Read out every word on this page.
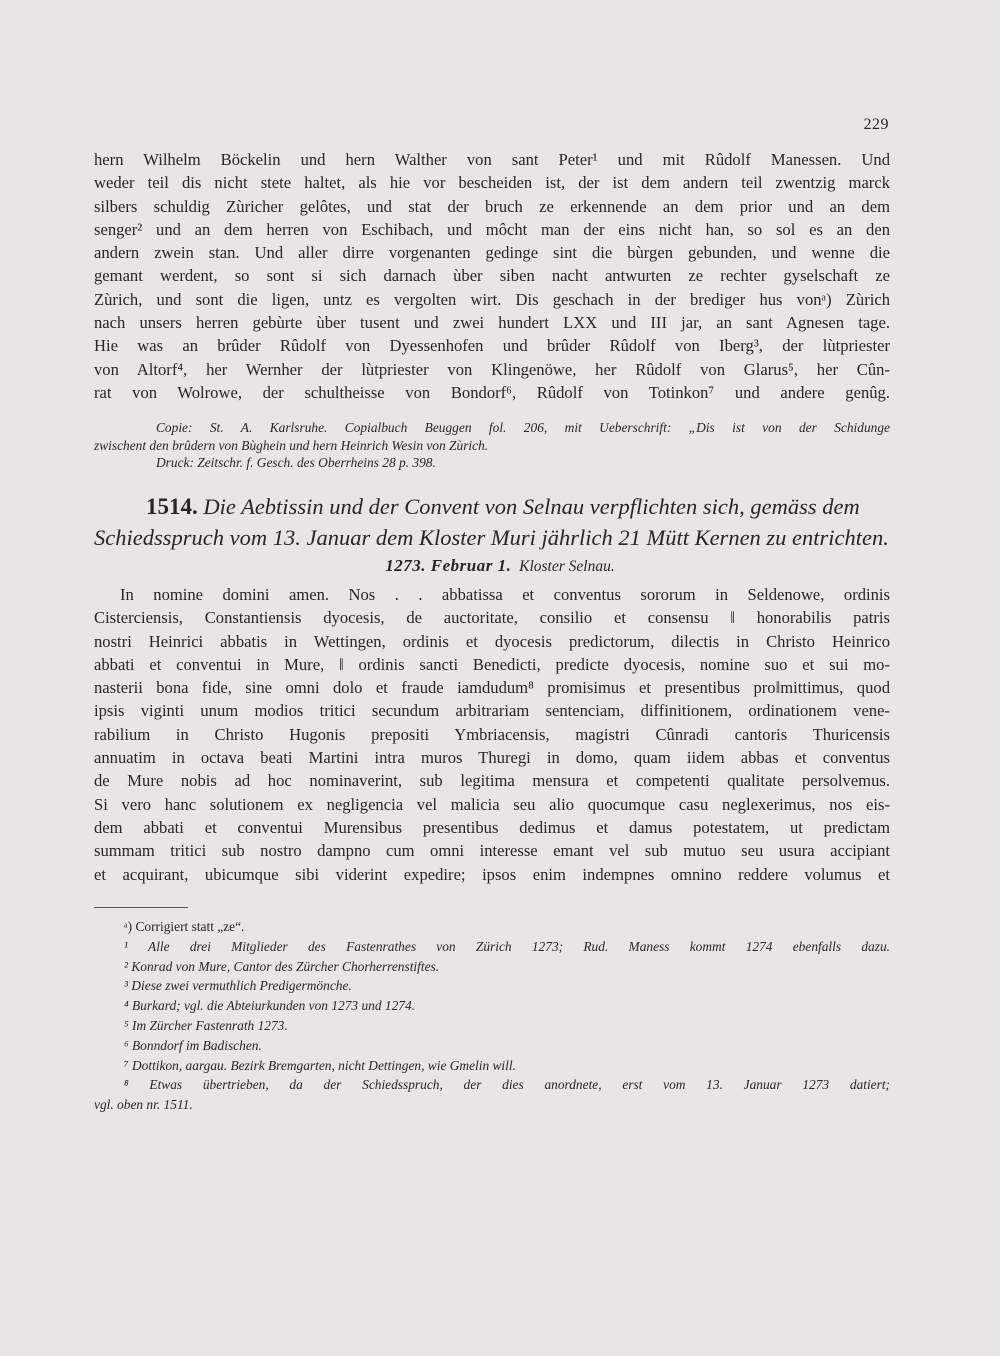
229
hern Wilhelm Böckelin und hern Walther von sant Peter¹ und mit Rûdolf Manessen. Und
weder teil dis nicht stete haltet, als hie vor bescheiden ist, der ist dem andern teil zwentzig marck
silbers schuldig Zùricher gelôtes, und stat der bruch ze erkennende an dem prior und an dem
senger² und an dem herren von Eschibach, und môcht man der eins nicht han, so sol es an den
andern zwein stan. Und aller dirre vorgenanten gedinge sint die bùrgen gebunden, und wenne die
gemant werdent, so sont si sich darnach ùber siben nacht antwurten ze rechter gyselschaft ze
Zùrich, und sont die ligen, untz es vergolten wirt. Dis geschach in der brediger hus vonᵃ) Zùrich
nach unsers herren gebùrte ùber tusent und zwei hundert LXX und III jar, an sant Agnesen tage.
Hie was an brûder Rûdolf von Dyessenhofen und brûder Rûdolf von Iberg³, der lùtpriester
von Altorf⁴, her Wernher der lùtpriester von Klingenöwe, her Rûdolf von Glarus⁵, her Cûn-
rat von Wolrowe, der schultheisse von Bondorf⁶, Rûdolf von Totinkon⁷ und andere genûg.
Copie: St. A. Karlsruhe. Copialbuch Beuggen fol. 206, mit Ueberschrift: „Dis ist von der Schidunge
zwischent den brûdern von Bùghein und hern Heinrich Wesin von Zùrich.
Druck: Zeitschr. f. Gesch. des Oberrheins 28 p. 398.
1514. Die Aebtissin und der Convent von Selnau verpflichten sich, gemäss dem
Schiedsspruch vom 13. Januar dem Kloster Muri jährlich 21 Mütt Kernen zu entrichten.
1273. Februar 1. Kloster Selnau.
In nomine domini amen. Nos . . abbatissa et conventus sororum in Seldenowe, ordinis
Cisterciensis, Constantiensis dyocesis, de auctoritate, consilio et consensu ‖ honorabilis patris
nostri Heinrici abbatis in Wettingen, ordinis et dyocesis predictorum, dilectis in Christo Heinrico
abbati et conventui in Mure, ‖ ordinis sancti Benedicti, predicte dyocesis, nomine suo et sui mo-
nasterii bona fide, sine omni dolo et fraude iamdudum⁸ promisimus et presentibus pro‖mittimus, quod
ipsis viginti unum modios tritici secundum arbitrariam sentenciam, diffinitionem, ordinationem vene-
rabilium in Christo Hugonis prepositi Ymbriacensis, magistri Cûnradi cantoris Thuricensis
annuatim in octava beati Martini intra muros Thuregi in domo, quam iidem abbas et conventus
de Mure nobis ad hoc nominaverint, sub legitima mensura et competenti qualitate persolvemus.
Si vero hanc solutionem ex negligencia vel malicia seu alio quocumque casu neglexerimus, nos eis-
dem abbati et conventui Murensibus presentibus dedimus et damus potestatem, ut predictam
summam tritici sub nostro dampno cum omni interesse emant vel sub mutuo seu usura accipiant
et acquirant, ubicumque sibi viderint expedire; ipsos enim indempnes omnino reddere volumus et
ᵃ) Corrigiert statt „ze“.
¹ Alle drei Mitglieder des Fastenrathes von Zürich 1273; Rud. Maness kommt 1274 ebenfalls dazu.
² Konrad von Mure, Cantor des Zürcher Chorherrenstiftes.
³ Diese zwei vermuthlich Predigermönche.
⁴ Burkard; vgl. die Abteiurkunden von 1273 und 1274.
⁵ Im Zürcher Fastenrath 1273.
⁶ Bonndorf im Badischen.
⁷ Dottikon, aargau. Bezirk Bremgarten, nicht Dettingen, wie Gmelin will.
⁸ Etwas übertrieben, da der Schiedsspruch, der dies anordnete, erst vom 13. Januar 1273 datiert;
vgl. oben nr. 1511.
